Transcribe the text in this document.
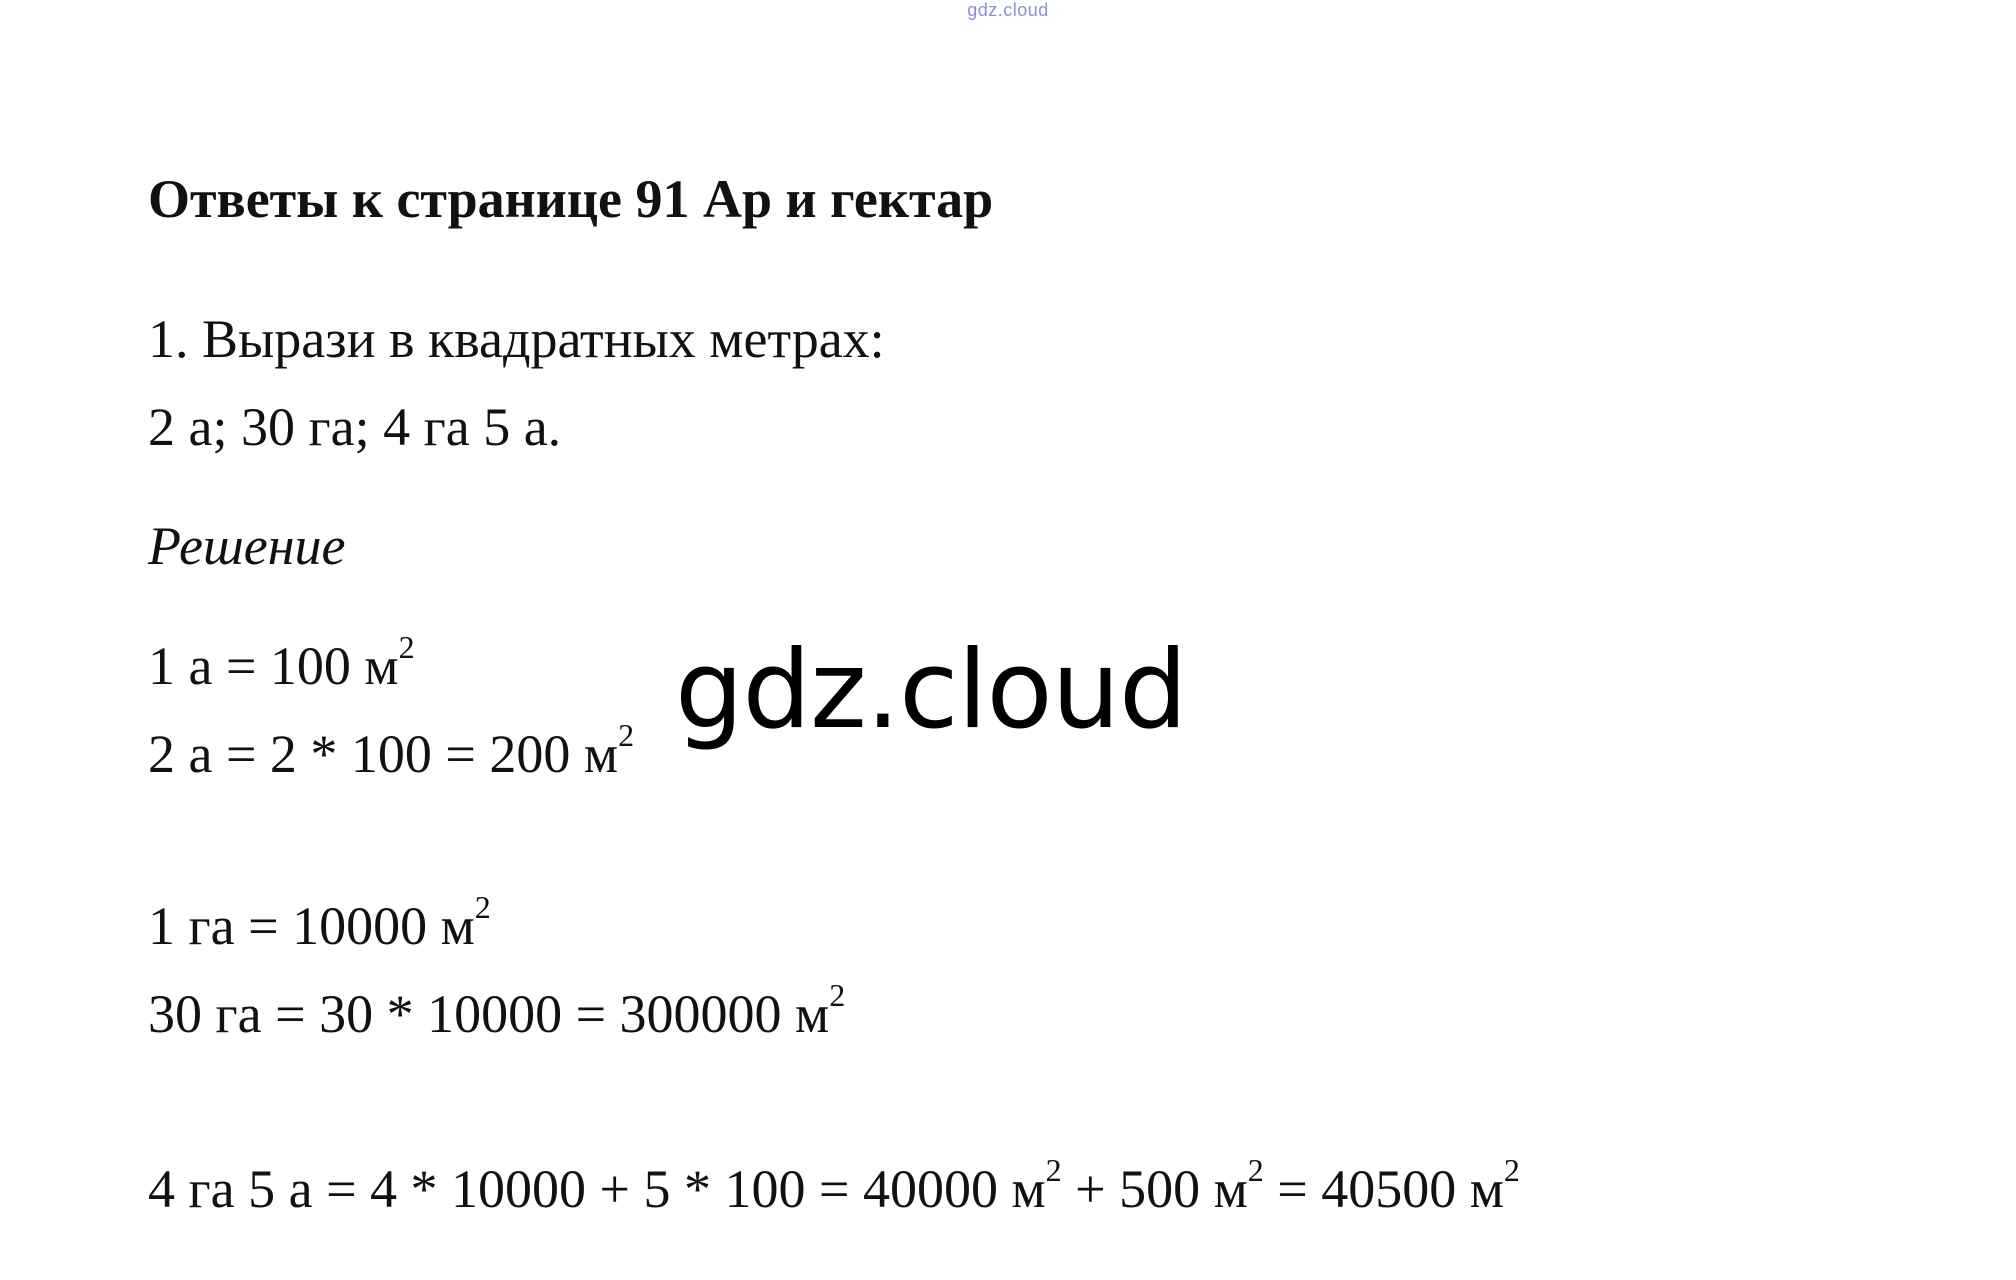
gdz.cloud
Ответы к странице 91 Ар и гектар
1. Вырази в квадратных метрах:
2 а; 30 га; 4 га 5 а.
Решение
1 а = 100 $м^2$
2 а = 2 * 100 = 200 $м^2$
1 га = 10000 $м^2$
30 га = 30 * 10000 = 300000 $м^2$
4 га 5 а = 4 * 10000 + 5 * 100 = 40000 $м^2 + 500$ $м^2 = 40500$ $м^2$
gdz.cloud
